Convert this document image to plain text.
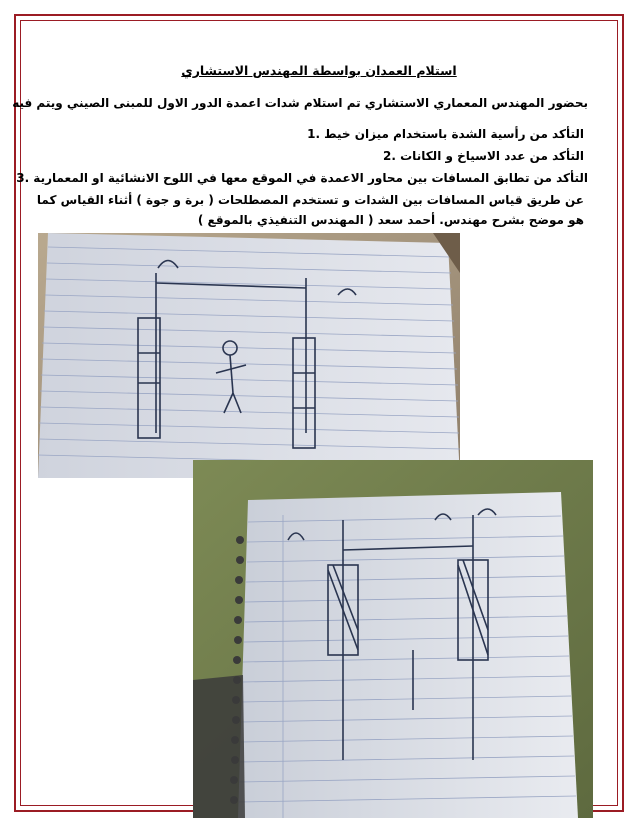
استلام العمدان بواسطة المهندس الاستشاري
بحضور المهندس المعماري الاستشاري تم استلام شدات اعمدة الدور الاول للمبنى الصيني ويتم فيه
التأكد من رأسية الشدة باستخدام ميزان خيط .1
التأكد من عدد الاسياخ و الكانات .2
التأكد من تطابق المسافات بين محاور الاعمدة في الموقع معها في اللوح الانشائية او المعمارية .3
عن طريق قياس المسافات بين الشدات و تستخدم المصطلحات ( برة و جوة ) أثناء القياس كما
هو موضح بشرح مهندس. أحمد سعد ( المهندس التنفيذي بالموقع )
